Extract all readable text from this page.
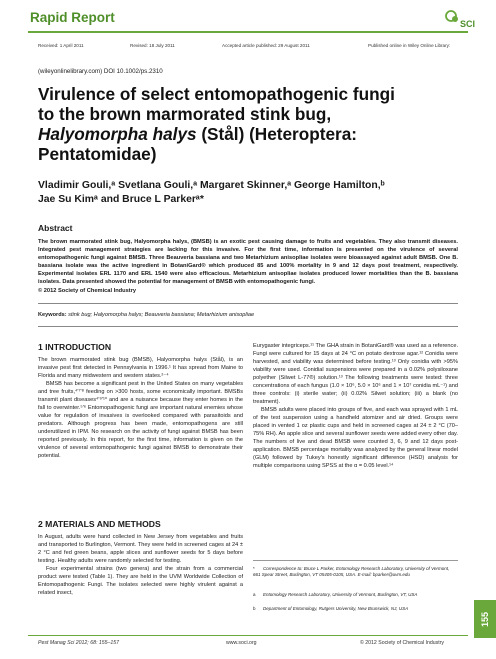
Rapid Report	SCI
Received: 1 April 2011	Revised: 18 July 2011	Accepted article published: 29 August 2011	Published online in Wiley Online Library:
(wileyonlinelibrary.com) DOI 10.1002/ps.2310
Virulence of select entomopathogenic fungi
to the brown marmorated stink bug,
Halyomorpha halys (Stål) (Heteroptera:
Pentatomidae)
Vladimir Gouli,ᵃ Svetlana Gouli,ᵃ Margaret Skinner,ᵃ George Hamilton,ᵇ
Jae Su Kimᵃ and Bruce L Parkerᵃ*
Abstract
The brown marmorated stink bug, Halyomorpha halys, (BMSB) is an exotic pest causing damage to fruits and vegetables. They also transmit diseases. Integrated pest management strategies are lacking for this invasive. For the first time, information is presented on the virulence of several entomopathogenic fungi against BMSB. Three Beauveria bassiana and two Metarhizium anisopliae isolates were bioassayed against adult BMSB. One B. bassiana isolate was the active ingredient in BotaniGard® which produced 85 and 100% mortality in 9 and 12 days post treatment, respectively. Experimental isolates ERL 1170 and ERL 1540 were also efficacious. Metarhizium anisopliae isolates produced lower mortalities than the B. bassiana isolates. Data presented showed the potential for management of BMSB with entomopathogenic fungi.
© 2012 Society of Chemical Industry
Keywords: stink bug; Halyomorpha halys; Beauveria bassiana; Metarhizium anisopliae
1 INTRODUCTION

The brown marmorated stink bug (BMSB), Halyomorpha halys (Stål), is an invasive pest first detected in Pennsylvania in 1996.¹ It has spread from Maine to Florida and many midwestern and western states.²⁻⁴

BMSB has become a significant pest in the United States on many vegetables and tree fruits,⁴'⁷'⁸ feeding on >300 hosts, some economically important. BMSBs transmit plant diseases⁴'⁹'¹⁰ and are a nuisance because they enter homes in the fall to overwinter.⁵'⁶ Entomopathogenic fungi are important natural enemies whose value for regulation of invasives is overlooked compared with parasitoids and predators. Although progress has been made, entomopathogens are still underutilized in IPM. No research on the activity of fungi against BMSB has been reported previously. In this report, for the first time, information is given on the virulence of several entomopathogenic fungi against BMSB to demonstrate their potential.

2 MATERIALS AND METHODS

In August, adults were hand collected in New Jersey from vegetables and fruits and transported to Burlington, Vermont. They were held in screened cages at 24 ± 2 °C and fed green beans, apple slices and sunflower seeds for 5 days before testing. Healthy adults were randomly selected for testing.

Four experimental strains (two genera) and the strain from a commercial product were tested (Table 1). They are held in the UVM Worldwide Collection of Entomopathogenic Fungi. The isolates selected were highly virulent against a related insect,

Eurygaster integriceps.¹¹ The GHA strain in BotaniGard® was used as a reference. Fungi were cultured for 15 days at 24 °C on potato dextrose agar.¹² Conidia were harvested, and viability was determined before testing.¹³ Only conidia with >95% viability were used. Conidial suspensions were prepared in a 0.02% polysiloxane polyether (Silwet L-77®) solution.¹³ The following treatments were tested: three concentrations of each fungus (1.0 × 10⁶, 5.0 × 10⁶ and 1 × 10⁷ conidia mL⁻¹) and three controls: (i) sterile water; (ii) 0.02% Silwet solution; (iii) a blank (no treatment).

BMSB adults were placed into groups of five, and each was sprayed with 1 mL of the test suspension using a handheld atomizer and air dried. Groups were placed in vented 1 oz plastic cups and held in screened cages at 24 ± 2 °C (70–75% RH). An apple slice and several sunflower seeds were added every other day. The numbers of live and dead BMSB were counted 3, 6, 9 and 12 days post-application. BMSB percentage mortality was analyzed by the general linear model (GLM) followed by Tukey's honestly significant difference (HSD) analysis for multiple comparisons using SPSS at the α = 0.05 level.¹⁴

* Correspondence to: Bruce L Parker, Entomology Research Laboratory, University of Vermont, 661 Spear Street, Burlington, VT 05405-0105, USA. E-mail: bparker@uvm.edu
a Entomology Research Laboratory, University of Vermont, Burlington, VT, USA
b Department of Entomology, Rutgers University, New Brunswick, NJ, USA
155
Pest Manag Sci 2012; 68: 155–157	www.soci.org	© 2012 Society of Chemical Industry
